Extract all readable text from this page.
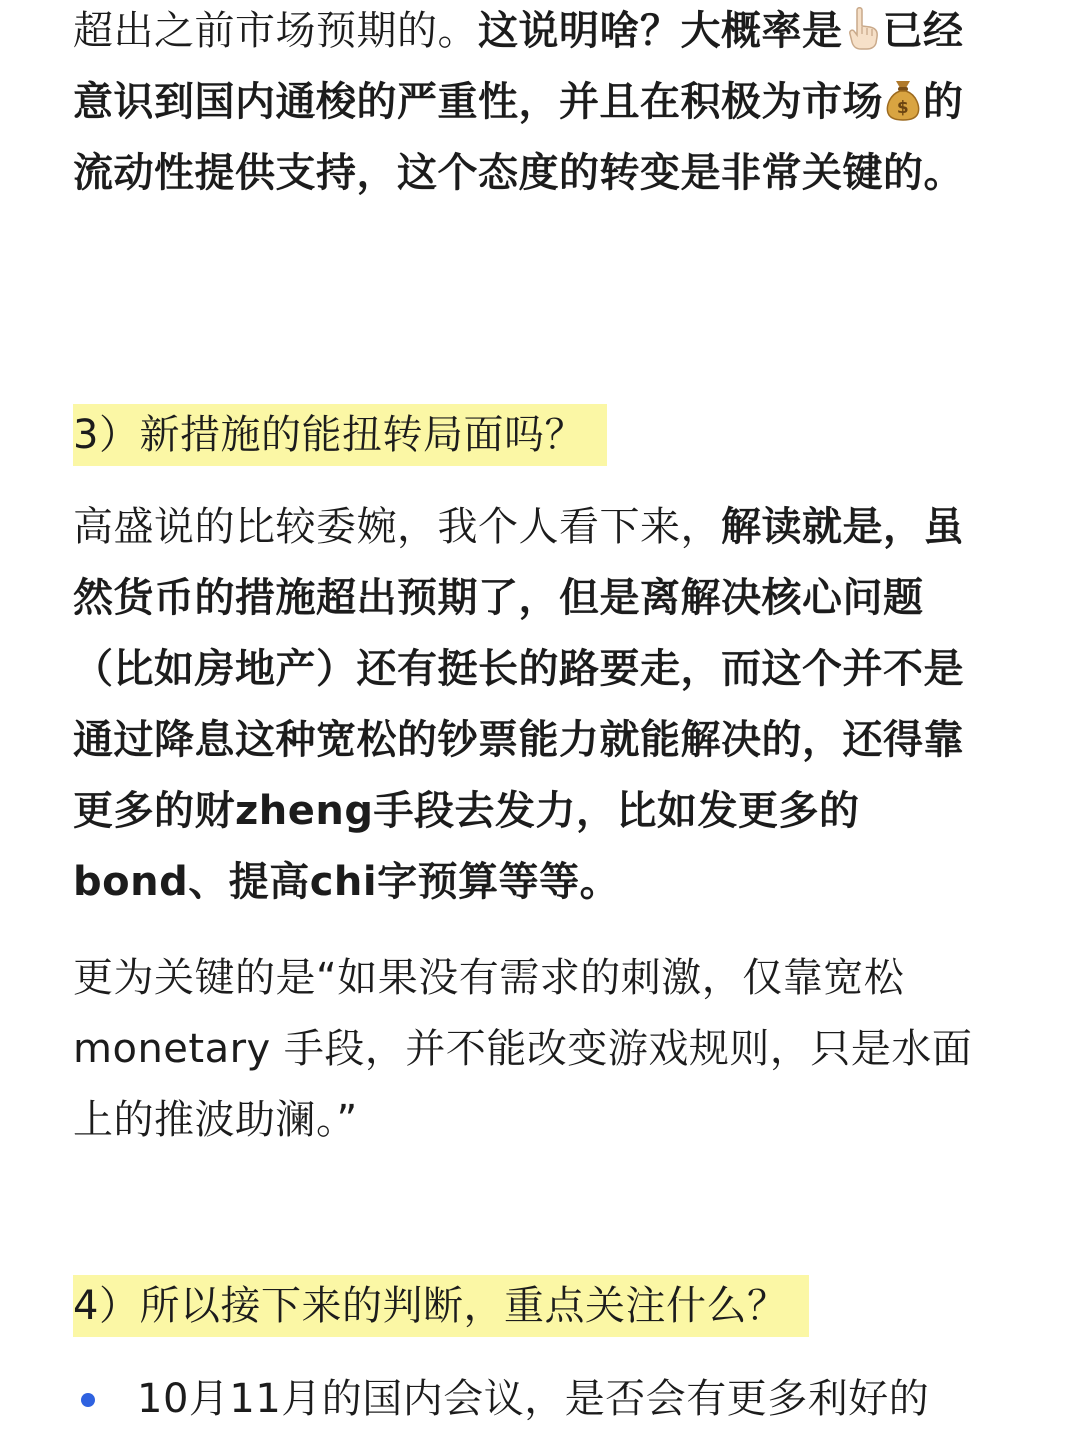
超出之前市场预期的。这说明啥？大概率是 已经意识到国内通梭的严重性，并且在积极为市场 $ 的流动性提供支持，这个态度的转变是非常关键的。

3）新措施的能扭转局面吗？

高盛说的比较委婉，我个人看下来，解读就是，虽然货币的措施超出预期了，但是离解决核心问题（比如房地产）还有挺长的路要走，而这个并不是通过降息这种宽松的钞票能力就能解决的，还得靠更多的财zheng手段去发力，比如发更多的bond、提高chi字预算等等。

更为关键的是“如果没有需求的刺激，仅靠宽松monetary 手段，并不能改变游戏规则，只是水面上的推波助澜。”

4）所以接下来的判断，重点关注什么？
10月11月的国内会议，是否会有更多利好的
